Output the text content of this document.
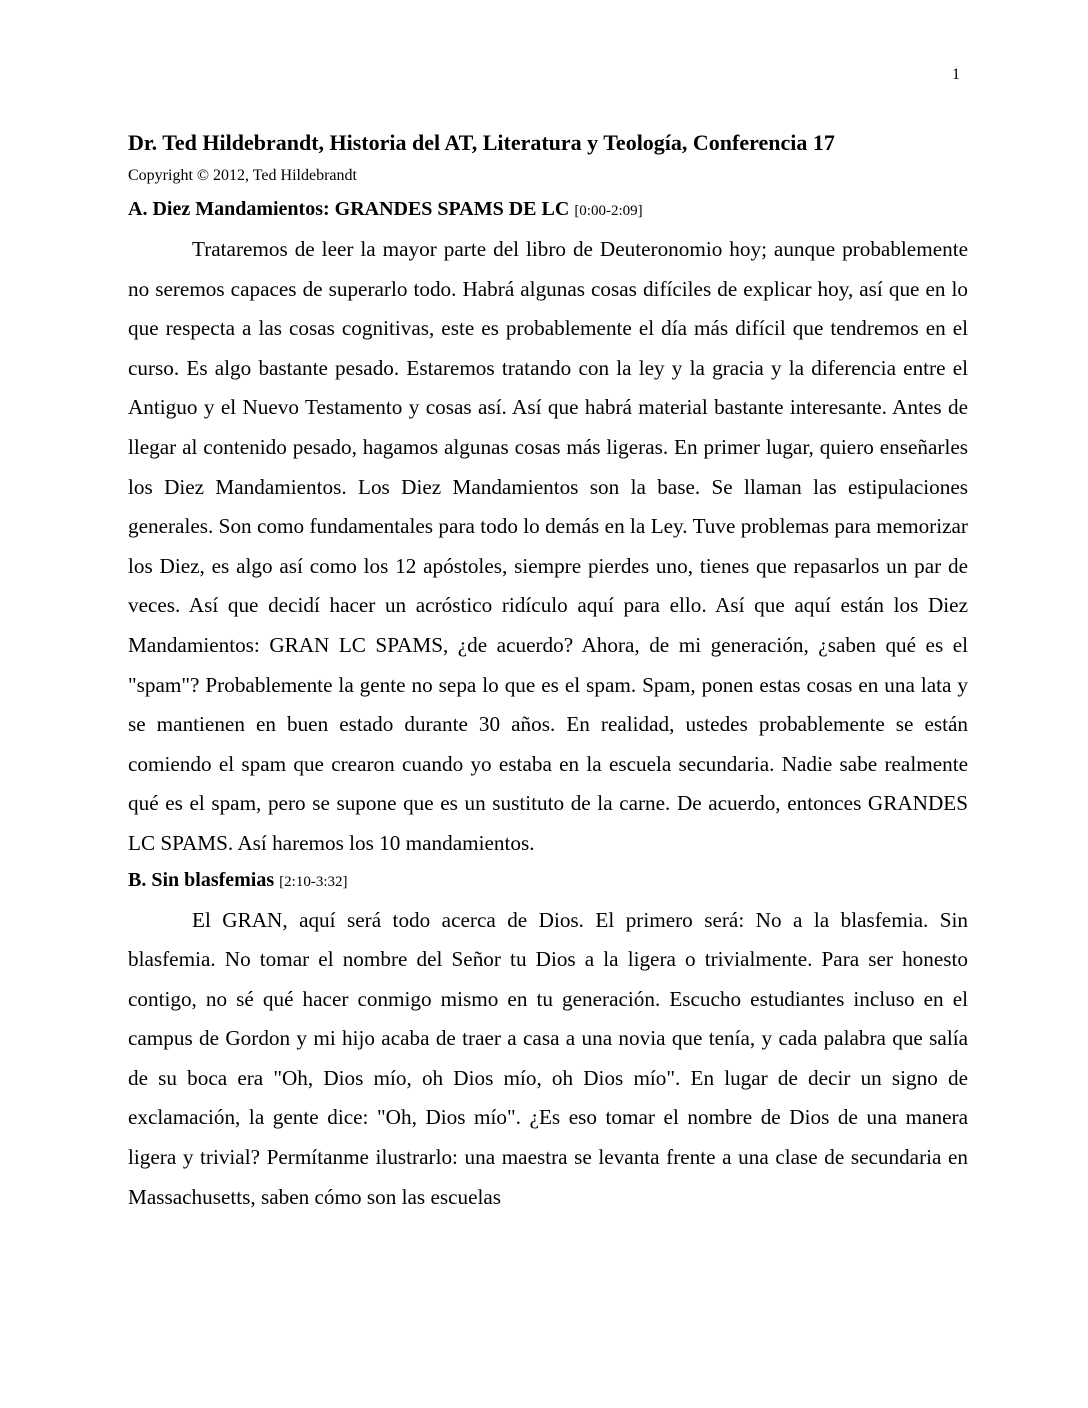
1
Dr. Ted Hildebrandt, Historia del AT, Literatura y Teología, Conferencia 17

Copyright © 2012, Ted Hildebrandt

A. Diez Mandamientos: GRANDES SPAMS DE LC [0:00-2:09]

Trataremos de leer la mayor parte del libro de Deuteronomio hoy; aunque probablemente no seremos capaces de superarlo todo. Habrá algunas cosas difíciles de explicar hoy, así que en lo que respecta a las cosas cognitivas, este es probablemente el día más difícil que tendremos en el curso. Es algo bastante pesado. Estaremos tratando con la ley y la gracia y la diferencia entre el Antiguo y el Nuevo Testamento y cosas así. Así que habrá material bastante interesante. Antes de llegar al contenido pesado, hagamos algunas cosas más ligeras. En primer lugar, quiero enseñarles los Diez Mandamientos. Los Diez Mandamientos son la base. Se llaman las estipulaciones generales. Son como fundamentales para todo lo demás en la Ley. Tuve problemas para memorizar los Diez, es algo así como los 12 apóstoles, siempre pierdes uno, tienes que repasarlos un par de veces. Así que decidí hacer un acróstico ridículo aquí para ello. Así que aquí están los Diez Mandamientos: GRAN LC SPAMS, ¿de acuerdo? Ahora, de mi generación, ¿saben qué es el "spam"? Probablemente la gente no sepa lo que es el spam. Spam, ponen estas cosas en una lata y se mantienen en buen estado durante 30 años. En realidad, ustedes probablemente se están comiendo el spam que crearon cuando yo estaba en la escuela secundaria. Nadie sabe realmente qué es el spam, pero se supone que es un sustituto de la carne. De acuerdo, entonces GRANDES LC SPAMS. Así haremos los 10 mandamientos.

B. Sin blasfemias [2:10-3:32]

El GRAN, aquí será todo acerca de Dios. El primero será: No a la blasfemia. Sin blasfemia. No tomar el nombre del Señor tu Dios a la ligera o trivialmente. Para ser honesto contigo, no sé qué hacer conmigo mismo en tu generación. Escucho estudiantes incluso en el campus de Gordon y mi hijo acaba de traer a casa a una novia que tenía, y cada palabra que salía de su boca era "Oh, Dios mío, oh Dios mío, oh Dios mío". En lugar de decir un signo de exclamación, la gente dice: "Oh, Dios mío". ¿Es eso tomar el nombre de Dios de una manera ligera y trivial? Permítanme ilustrarlo: una maestra se levanta frente a una clase de secundaria en Massachusetts, saben cómo son las escuelas
